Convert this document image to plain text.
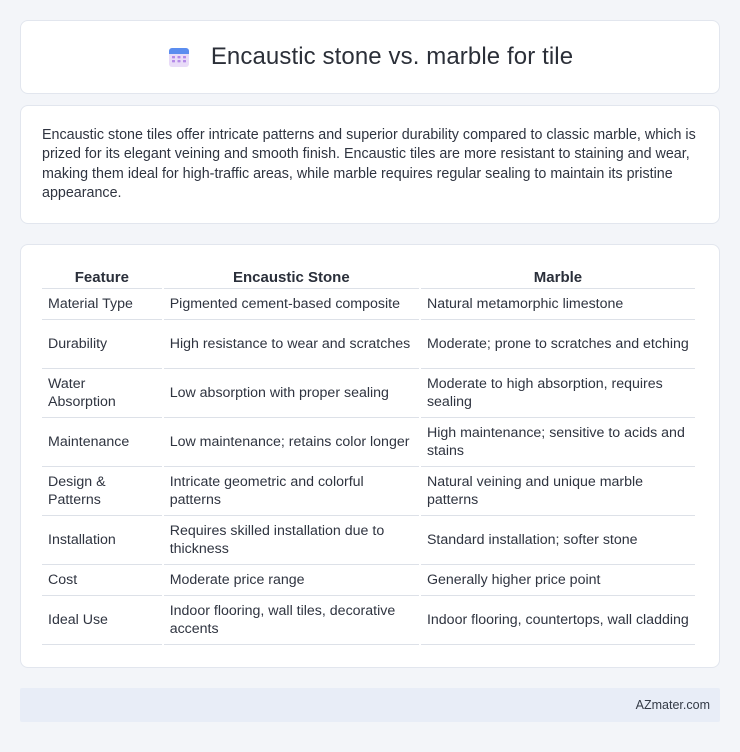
Encaustic stone vs. marble for tile

Encaustic stone tiles offer intricate patterns and superior durability compared to classic marble, which is prized for its elegant veining and smooth finish. Encaustic tiles are more resistant to staining and wear, making them ideal for high-traffic areas, while marble requires regular sealing to maintain its pristine appearance.

Feature	Encaustic Stone	Marble
Material Type	Pigmented cement-based composite	Natural metamorphic limestone
Durability	High resistance to wear and scratches	Moderate; prone to scratches and etching
Water Absorption	Low absorption with proper sealing	Moderate to high absorption, requires sealing
Maintenance	Low maintenance; retains color longer	High maintenance; sensitive to acids and stains
Design & Patterns	Intricate geometric and colorful patterns	Natural veining and unique marble patterns
Installation	Requires skilled installation due to thickness	Standard installation; softer stone
Cost	Moderate price range	Generally higher price point
Ideal Use	Indoor flooring, wall tiles, decorative accents	Indoor flooring, countertops, wall cladding
AZmater.com
